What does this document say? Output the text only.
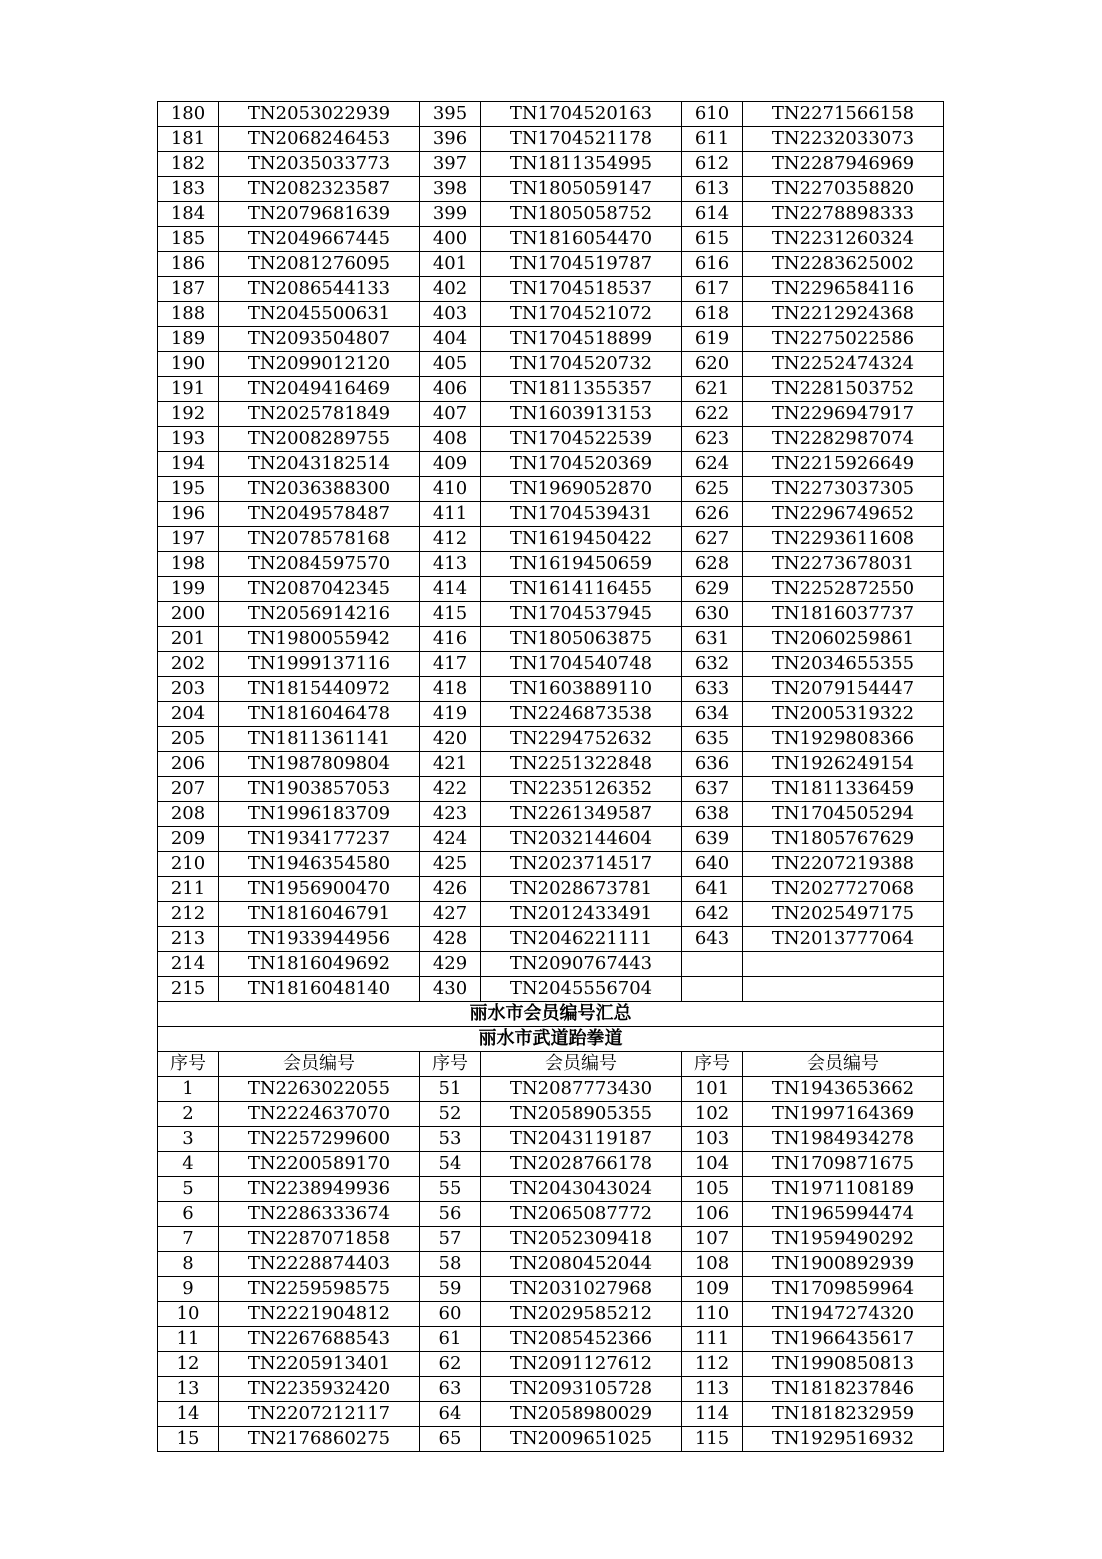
180	TN2053022939	395	TN1704520163	610	TN2271566158
181	TN2068246453	396	TN1704521178	611	TN2232033073
182	TN2035033773	397	TN1811354995	612	TN2287946969
183	TN2082323587	398	TN1805059147	613	TN2270358820
184	TN2079681639	399	TN1805058752	614	TN2278898333
185	TN2049667445	400	TN1816054470	615	TN2231260324
186	TN2081276095	401	TN1704519787	616	TN2283625002
187	TN2086544133	402	TN1704518537	617	TN2296584116
188	TN2045500631	403	TN1704521072	618	TN2212924368
189	TN2093504807	404	TN1704518899	619	TN2275022586
190	TN2099012120	405	TN1704520732	620	TN2252474324
191	TN2049416469	406	TN1811355357	621	TN2281503752
192	TN2025781849	407	TN1603913153	622	TN2296947917
193	TN2008289755	408	TN1704522539	623	TN2282987074
194	TN2043182514	409	TN1704520369	624	TN2215926649
195	TN2036388300	410	TN1969052870	625	TN2273037305
196	TN2049578487	411	TN1704539431	626	TN2296749652
197	TN2078578168	412	TN1619450422	627	TN2293611608
198	TN2084597570	413	TN1619450659	628	TN2273678031
199	TN2087042345	414	TN1614116455	629	TN2252872550
200	TN2056914216	415	TN1704537945	630	TN1816037737
201	TN1980055942	416	TN1805063875	631	TN2060259861
202	TN1999137116	417	TN1704540748	632	TN2034655355
203	TN1815440972	418	TN1603889110	633	TN2079154447
204	TN1816046478	419	TN2246873538	634	TN2005319322
205	TN1811361141	420	TN2294752632	635	TN1929808366
206	TN1987809804	421	TN2251322848	636	TN1926249154
207	TN1903857053	422	TN2235126352	637	TN1811336459
208	TN1996183709	423	TN2261349587	638	TN1704505294
209	TN1934177237	424	TN2032144604	639	TN1805767629
210	TN1946354580	425	TN2023714517	640	TN2207219388
211	TN1956900470	426	TN2028673781	641	TN2027727068
212	TN1816046791	427	TN2012433491	642	TN2025497175
213	TN1933944956	428	TN2046221111	643	TN2013777064
214	TN1816049692	429	TN2090767443		
215	TN1816048140	430	TN2045556704		
丽水市会员编号汇总					
丽水市武道跆拳道					
序号	会员编号	序号	会员编号	序号	会员编号
1	TN2263022055	51	TN2087773430	101	TN1943653662
2	TN2224637070	52	TN2058905355	102	TN1997164369
3	TN2257299600	53	TN2043119187	103	TN1984934278
4	TN2200589170	54	TN2028766178	104	TN1709871675
5	TN2238949936	55	TN2043043024	105	TN1971108189
6	TN2286333674	56	TN2065087772	106	TN1965994474
7	TN2287071858	57	TN2052309418	107	TN1959490292
8	TN2228874403	58	TN2080452044	108	TN1900892939
9	TN2259598575	59	TN2031027968	109	TN1709859964
10	TN2221904812	60	TN2029585212	110	TN1947274320
11	TN2267688543	61	TN2085452366	111	TN1966435617
12	TN2205913401	62	TN2091127612	112	TN1990850813
13	TN2235932420	63	TN2093105728	113	TN1818237846
14	TN2207212117	64	TN2058980029	114	TN1818232959
15	TN2176860275	65	TN2009651025	115	TN1929516932
